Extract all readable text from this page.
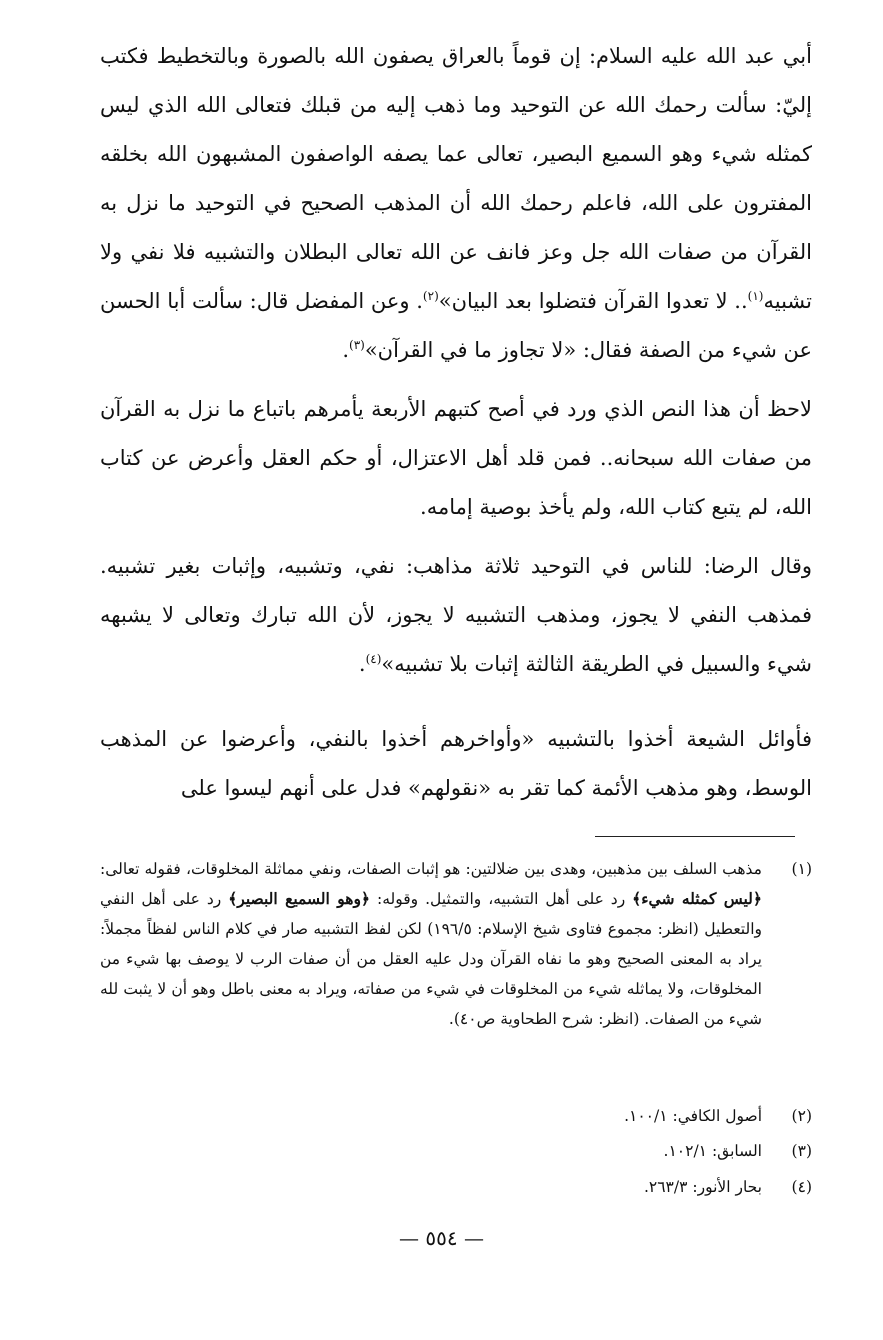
أبي عبد الله عليه السلام: إن قوماً بالعراق يصفون الله بالصورة وبالتخطيط فكتب إليّ: سألت رحمك الله عن التوحيد وما ذهب إليه من قبلك فتعالى الله الذي ليس كمثله شيء وهو السميع البصير، تعالى عما يصفه الواصفون المشبهون الله بخلقه المفترون على الله، فاعلم رحمك الله أن المذهب الصحيح في التوحيد ما نزل به القرآن من صفات الله جل وعز فانف عن الله تعالى البطلان والتشبيه فلا نفي ولا تشبيه$^{(١)}$.. لا تعدوا القرآن فتضلوا بعد البيان»$^{(٢)}$. وعن المفضل قال: سألت أبا الحسن عن شيء من الصفة فقال: «لا تجاوز ما في القرآن»$^{(٣)}$.

لاحظ أن هذا النص الذي ورد في أصح كتبهم الأربعة يأمرهم باتباع ما نزل به القرآن من صفات الله سبحانه.. فمن قلد أهل الاعتزال، أو حكم العقل وأعرض عن كتاب الله، لم يتبع كتاب الله، ولم يأخذ بوصية إمامه.

وقال الرضا: للناس في التوحيد ثلاثة مذاهب: نفي، وتشبيه، وإثبات بغير تشبيه. فمذهب النفي لا يجوز، ومذهب التشبيه لا يجوز، لأن الله تبارك وتعالى لا يشبهه شيء والسبيل في الطريقة الثالثة إثبات بلا تشبيه»$^{(٤)}$.

فأوائل الشيعة أخذوا بالتشبيه «وأواخرهم أخذوا بالنفي، وأعرضوا عن المذهب الوسط، وهو مذهب الأئمة كما تقر به «نقولهم» فدل على أنهم ليسوا على

(١)
مذهب السلف بين مذهبين، وهدى بين ضلالتين: هو إثبات الصفات، ونفي مماثلة المخلوقات، فقوله تعالى: ﴿ليس كمثله شيء﴾ رد على أهل التشبيه، والتمثيل. وقوله: ﴿وهو السميع البصير﴾ رد على أهل النفي والتعطيل (انظر: مجموع فتاوى شيخ الإسلام: ١٩٦/٥) لكن لفظ التشبيه صار في كلام الناس لفظاً مجملاً: يراد به المعنى الصحيح وهو ما نفاه القرآن ودل عليه العقل من أن صفات الرب لا يوصف بها شيء من المخلوقات، ولا يماثله شيء من المخلوقات في شيء من صفاته، ويراد به معنى باطل وهو أن لا يثبت لله شيء من الصفات. (انظر: شرح الطحاوية ص٤٠).
(٢)
أصول الكافي: ١٠٠/١.
(٣)
السابق: ١٠٢/١.
(٤)
بحار الأنور: ٢٦٣/٣.
— ٥٥٤ —
